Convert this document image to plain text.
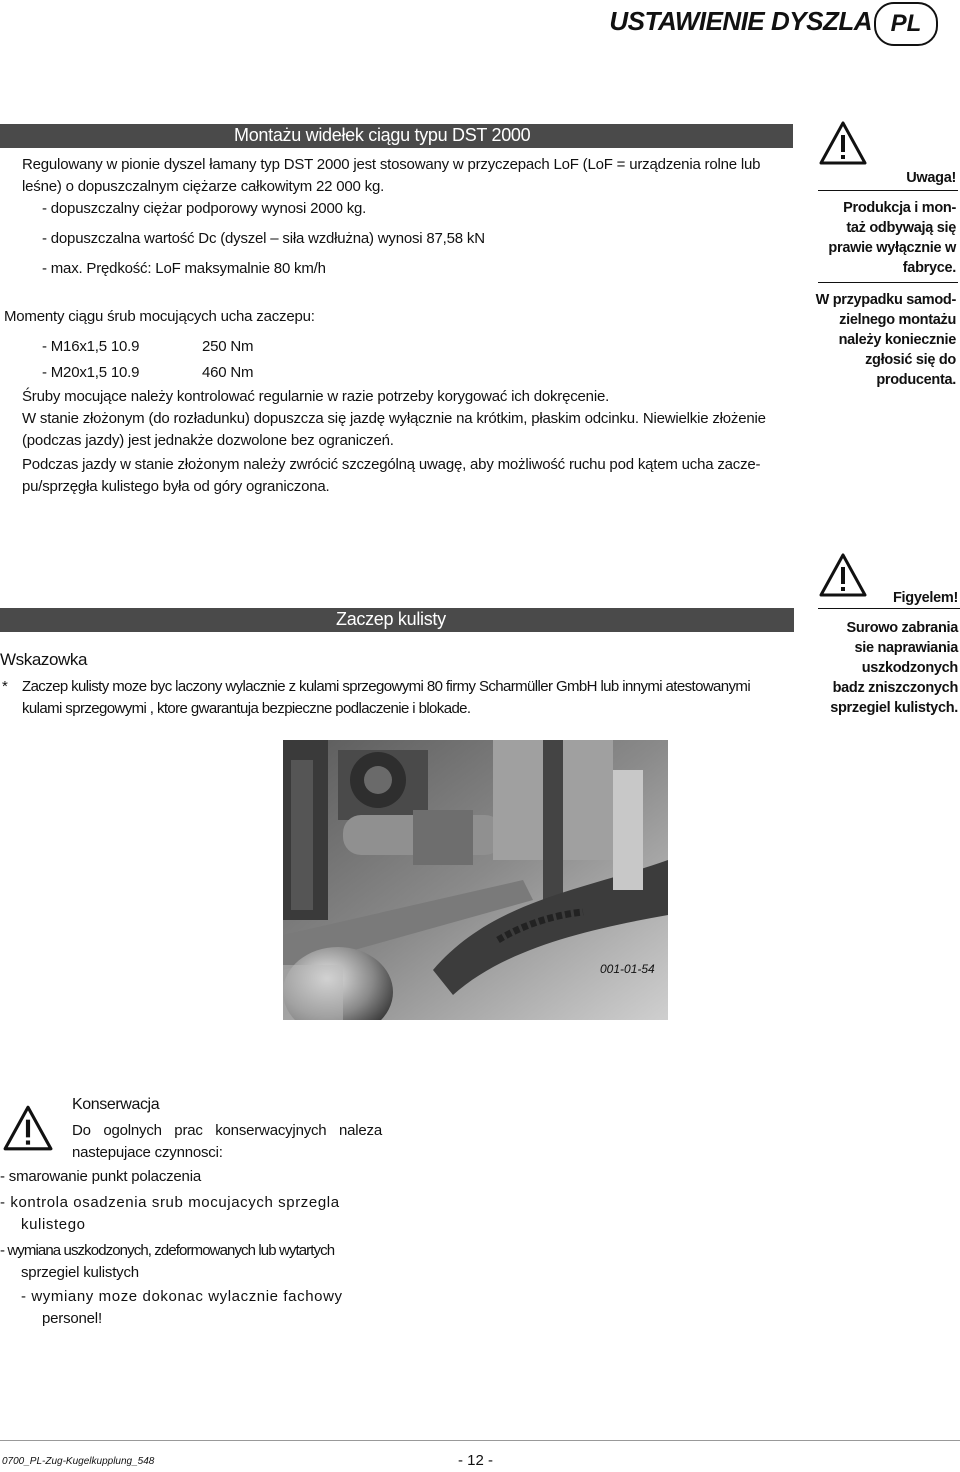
USTAWIENIE DYSZLA PL
Montażu widełek ciągu typu DST 2000
Regulowany w pionie dyszel łamany typ DST 2000 jest stosowany w przyczepach LoF (LoF = urządzenia rolne lub
leśne) o dopuszczalnym ciężarze całkowitym 22 000 kg.
- dopuszczalny ciężar podporowy wynosi 2000 kg.
- dopuszczalna wartość Dc (dyszel – siła wzdłużna) wynosi 87,58 kN
- max. Prędkość: LoF maksymalnie 80 km/h
Momenty ciągu śrub mocujących ucha zaczepu:
- M16x1,5 10.9	250 Nm
- M20x1,5 10.9	460 Nm
Śruby mocujące należy kontrolować regularnie w razie potrzeby korygować ich dokręcenie.
W stanie złożonym (do rozładunku) dopuszcza się jazdę wyłącznie na krótkim, płaskim odcinku. Niewielkie złożenie
(podczas jazdy) jest jednakże dozwolone bez ograniczeń.
Podczas jazdy w stanie złożonym należy zwrócić szczególną uwagę, aby możliwość ruchu pod kątem ucha zacze-
pu/sprzęgła kulistego była od góry ograniczona.
Uwaga!
Produkcja i mon-
taż odbywają się
prawie wyłącznie w
fabryce.
W przypadku samod-
zielnego montażu
należy koniecznie
zgłosić się do
producenta.
Zaczep kulisty
Wskazowka
* Zaczep kulisty moze byc laczony wylacznie z kulami sprzegowymi 80 firmy Scharmüller GmbH lub innymi atestowanymi
kulami sprzegowymi , ktore gwarantuja bezpieczne podlaczenie i blokade.
Figyelem!
Surowo zabrania
sie naprawiania
uszkodzonych
badz zniszczonych
sprzegiel kulistych.
001-01-54
Konserwacja
Do ogolnych prac konserwacyjnych naleza
nastepujace czynnosci:
- smarowanie punkt polaczenia
- kontrola osadzenia srub mocujacych sprzegla
kulistego
- wymiana uszkodzonych, zdeformowanych lub wytartych
sprzegiel kulistych
- wymiany moze dokonac wylacznie fachowy
personel!
0700_PL-Zug-Kugelkupplung_548	- 12 -
